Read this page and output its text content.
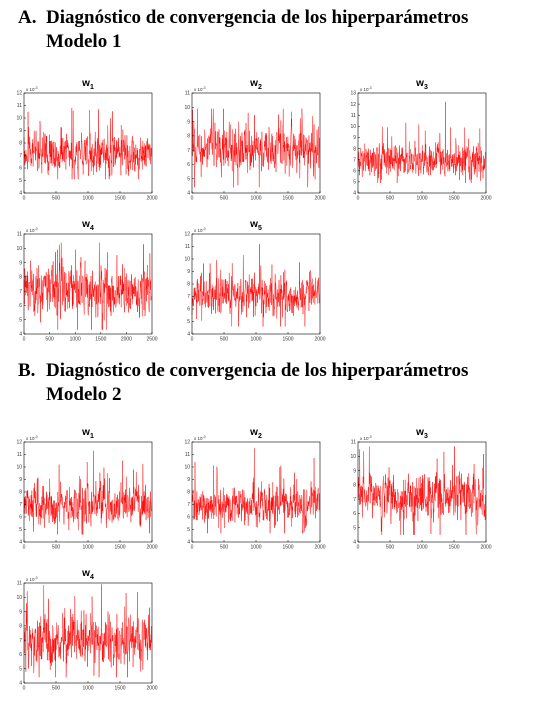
A. Diagnóstico de convergencia de los hiperparámetros
Modelo 1
B. Diagnóstico de convergencia de los hiperparámetros
Modelo 2
$w_1$
x $10^{-3}$
4
5
6
7
8
9
10
11
12
0	500	1000	1500	2000
$w_2$
x $10^{-3}$
4
5
6
7
8
9
10
11
0	500	1000	1500	2000
$w_3$
x $10^{-3}$
4
5
6
7
8
9
10
11
12
13
0	500	1000	1500	2000
$w_4$
x $10^{-3}$
4
5
6
7
8
9
10
11
0	500	1000	1500	2000	2500
$w_5$
x $10^{-3}$
4
5
6
7
8
9
10
11
12
0	500	1000	1500	2000
$w_1$
x $10^{-3}$
4
5
6
7
8
9
10
11
12
0	500	1000	1500	2000
$w_2$
x $10^{-3}$
4
5
6
7
8
9
10
11
12
0	500	1000	1500	2000
$w_3$
x $10^{-3}$
4
5
6
7
8
9
10
11
0	500	1000	1500	2000
$w_4$
x $10^{-3}$
4
5
6
7
8
9
10
11
0	500	1000	1500	2000
